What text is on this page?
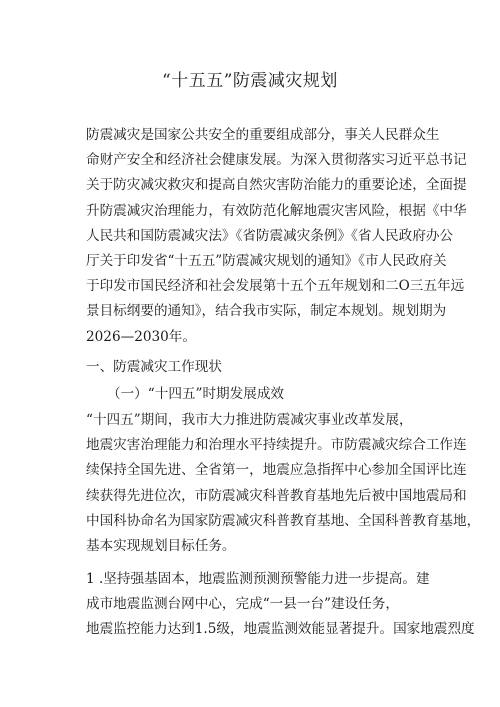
“十五五”防震减灾规划
防震减灾是国家公共安全的重要组成部分，事关人民群众生
命财产安全和经济社会健康发展。为深入贯彻落实习近平总书记
关于防灾减灾救灾和提高自然灾害防治能力的重要论述，全面提
升防震减灾治理能力，有效防范化解地震灾害风险，根据《中华
人民共和国防震减灾法》《省防震减灾条例》《省人民政府办公
厅关于印发省“十五五”防震减灾规划的通知》《市人民政府关
于印发市国民经济和社会发展第十五个五年规划和二O三五年远
景目标纲要的通知》，结合我市实际，制定本规划。规划期为
2026—2030年。
一、防震减灾工作现状
（一）“十四五”时期发展成效
“十四五”期间，我市大力推进防震减灾事业改革发展，
地震灾害治理能力和治理水平持续提升。市防震减灾综合工作连
续保持全国先进、全省第一，地震应急指挥中心参加全国评比连
续获得先进位次，市防震减灾科普教育基地先后被中国地震局和
中国科协命名为国家防震减灾科普教育基地、全国科普教育基地，
基本实现规划目标任务。
1 .坚持强基固本，地震监测预测预警能力进一步提高。建
成市地震监测台网中心，完成“一县一台”建设任务，
地震监控能力达到1.5级，地震监测效能显著提升。国家地震烈度
